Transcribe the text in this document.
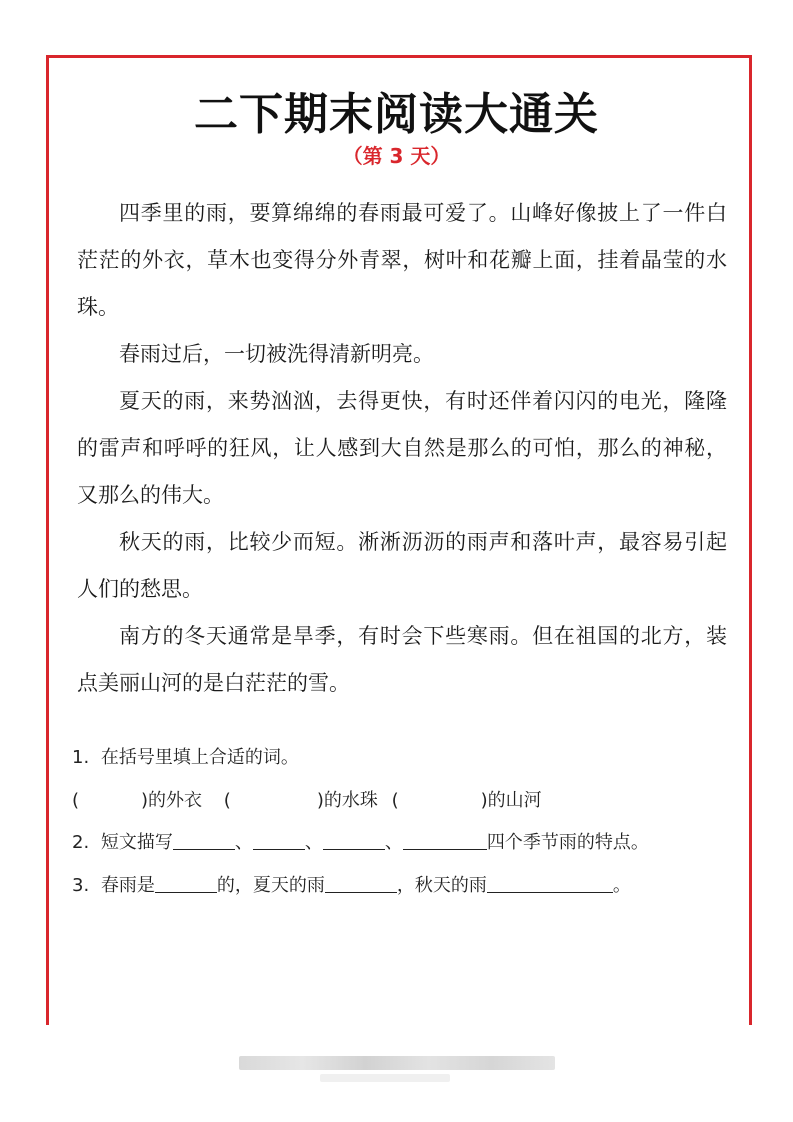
二下期末阅读大通关
（第 3 天）

四季里的雨，要算绵绵的春雨最可爱了。山峰好像披上了一件白茫茫的外衣，草木也变得分外青翠，树叶和花瓣上面，挂着晶莹的水珠。

春雨过后，一切被洗得清新明亮。

夏天的雨，来势汹汹，去得更快，有时还伴着闪闪的电光，隆隆的雷声和呼呼的狂风，让人感到大自然是那么的可怕，那么的神秘，又那么的伟大。

秋天的雨，比较少而短。淅淅沥沥的雨声和落叶声，最容易引起人们的愁思。

南方的冬天通常是旱季，有时会下些寒雨。但在祖国的北方，装点美丽山河的是白茫茫的雪。

1. 在括号里填上合适的词。
(	)的外衣 (	)的水珠 (	)的山河
2. 短文描写	、	、	、	四个季节雨的特点。
3. 春雨是	的，夏天的雨	，秋天的雨	。
